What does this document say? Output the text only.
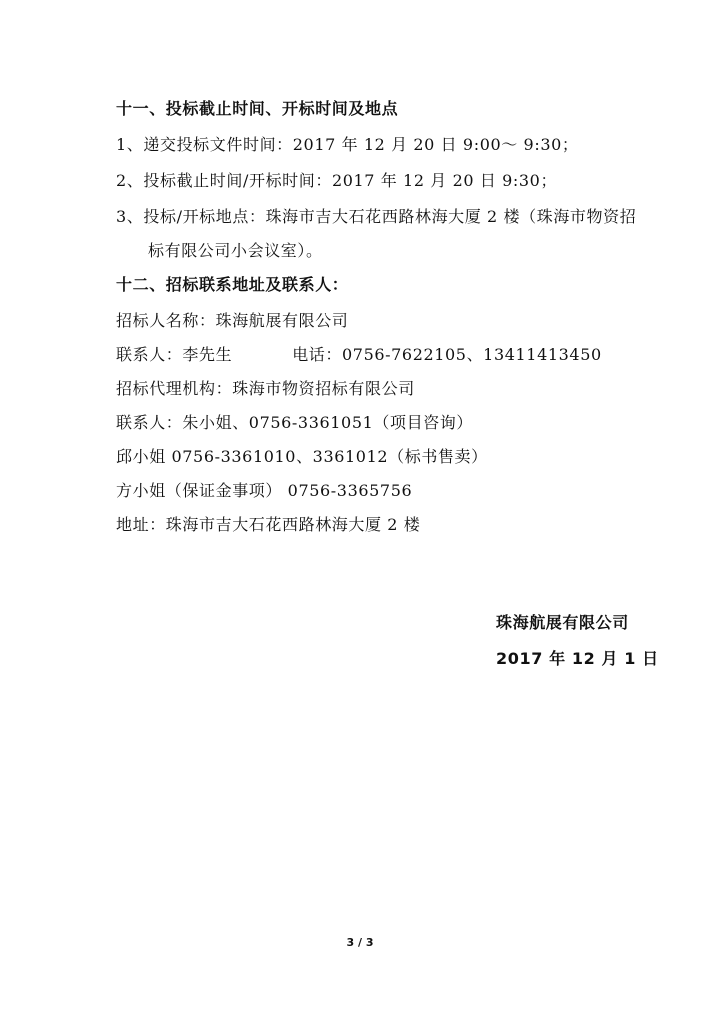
十一、投标截止时间、开标时间及地点
1、递交投标文件时间：2017 年 12 月 20 日 9:00～ 9:30；
2、投标截止时间/开标时间：2017 年 12 月 20 日 9:30；
3、投标/开标地点：珠海市吉大石花西路林海大厦 2 楼（珠海市物资招
标有限公司小会议室）。
十二、招标联系地址及联系人：
招标人名称：珠海航展有限公司
联系人：李先生	电话：0756-7622105、13411413450
招标代理机构：珠海市物资招标有限公司
联系人：朱小姐、0756-3361051（项目咨询）
邱小姐 0756-3361010、3361012（标书售卖）
方小姐（保证金事项） 0756-3365756
地址：珠海市吉大石花西路林海大厦 2 楼
珠海航展有限公司
2017 年 12 月 1 日
3 / 3
